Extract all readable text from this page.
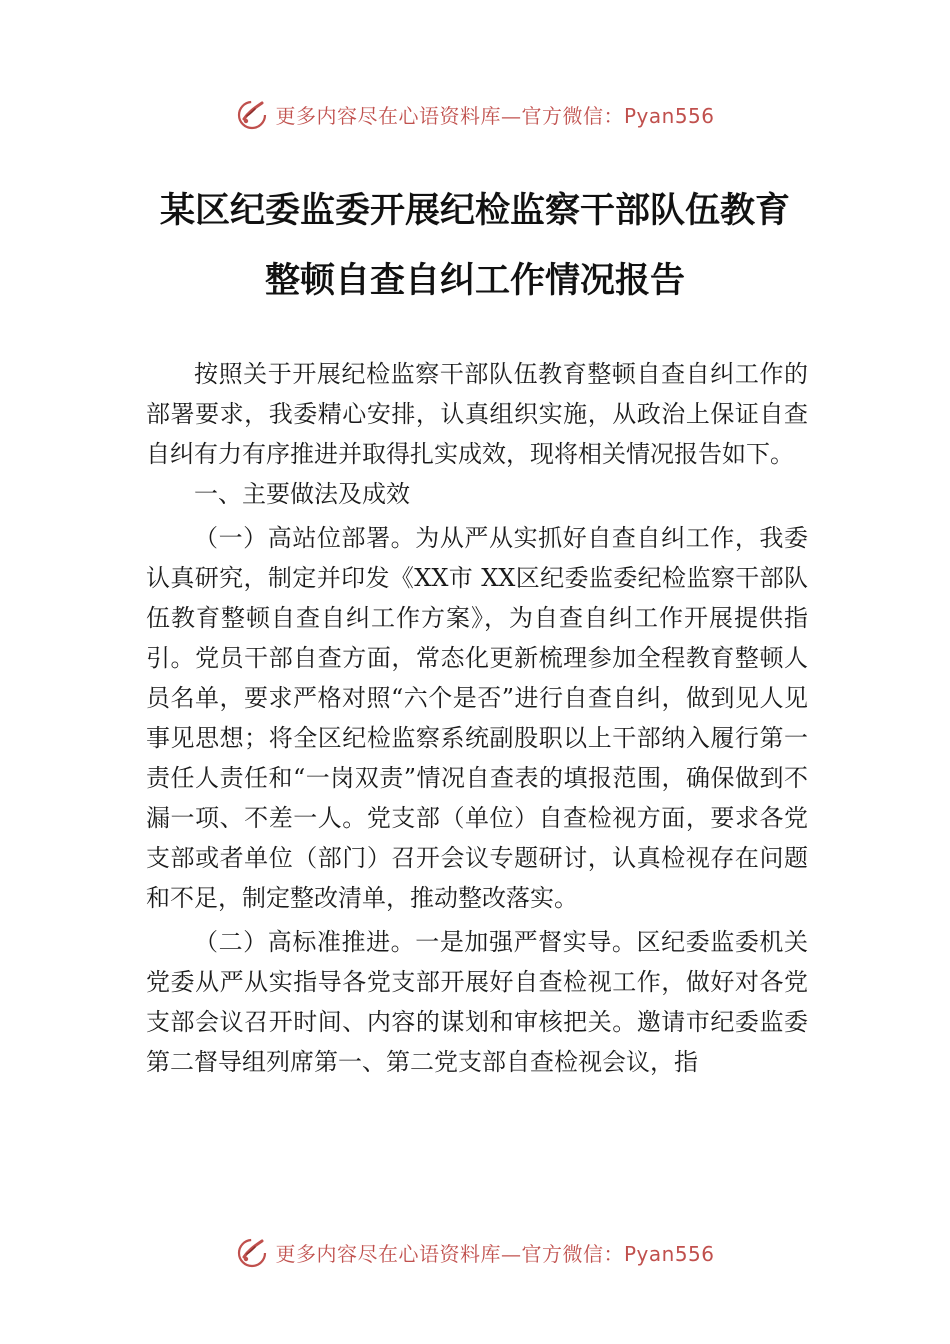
更多内容尽在心语资料库—官方微信：Pyan556
某区纪委监委开展纪检监察干部队伍教育
整顿自查自纠工作情况报告

按照关于开展纪检监察干部队伍教育整顿自查自纠工作的部署要求，我委精心安排，认真组织实施，从政治上保证自查自纠有力有序推进并取得扎实成效，现将相关情况报告如下。

一、主要做法及成效

（一）高站位部署。为从严从实抓好自查自纠工作，我委认真研究，制定并印发《XX市 XX区纪委监委纪检监察干部队伍教育整顿自查自纠工作方案》，为自查自纠工作开展提供指引。党员干部自查方面，常态化更新梳理参加全程教育整顿人员名单，要求严格对照“六个是否”进行自查自纠，做到见人见事见思想；将全区纪检监察系统副股职以上干部纳入履行第一责任人责任和“一岗双责”情况自查表的填报范围，确保做到不漏一项、不差一人。党支部（单位）自查检视方面，要求各党支部或者单位（部门）召开会议专题研讨，认真检视存在问题和不足，制定整改清单，推动整改落实。

（二）高标准推进。一是加强严督实导。区纪委监委机关党委从严从实指导各党支部开展好自查检视工作，做好对各党支部会议召开时间、内容的谋划和审核把关。邀请市纪委监委第二督导组列席第一、第二党支部自查检视会议，指

更多内容尽在心语资料库—官方微信：Pyan556
